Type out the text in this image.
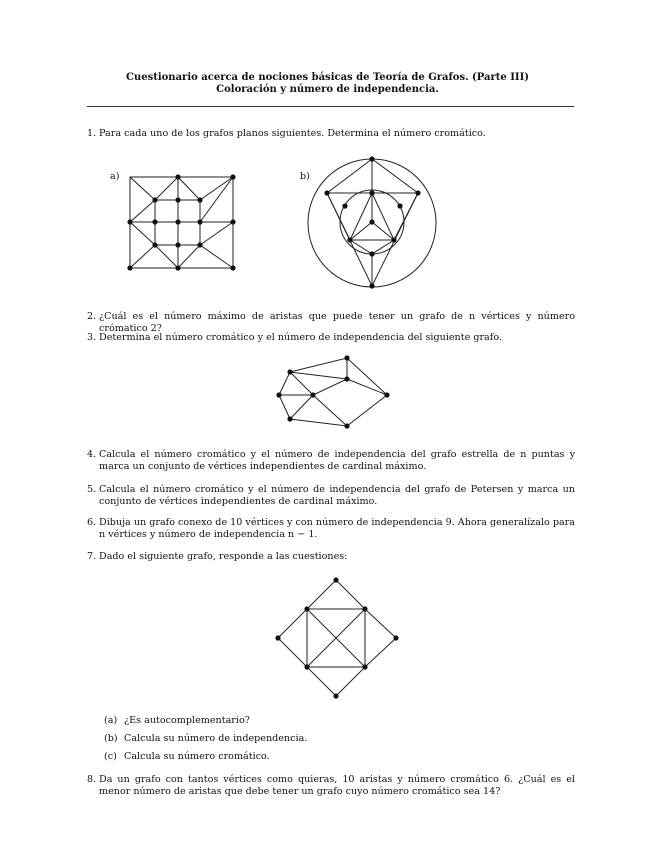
Cuestionario acerca de nociones básicas de Teoría de Grafos. (Parte III)
Coloración y número de independencia.
1. Para cada uno de los grafos planos siguientes. Determina el número cromático.
a)	b)
2. ¿Cuál es el número máximo de aristas que puede tener un grafo de n vértices y número crómatico 2?
3. Determina el número cromático y el número de independencia del siguiente grafo.
4. Calcula el número cromático y el número de independencia del grafo estrella de n puntas y marca un conjunto de vértices independientes de cardinal máximo.
5. Calcula el número cromático y el número de independencia del grafo de Petersen y marca un conjunto de vértices independientes de cardinal máximo.
6. Dibuja un grafo conexo de 10 vértices y con número de independencia 9. Ahora generalízalo para n vértices y número de independencia n − 1.
7. Dado el siguiente grafo, responde a las cuestiones:
(a) ¿Es autocomplementario?
(b) Calcula su número de independencia.
(c) Calcula su número cromático.
8. Da un grafo con tantos vértices como quieras, 10 aristas y número cromático 6. ¿Cuál es el menor número de aristas que debe tener un grafo cuyo número cromático sea 14?
